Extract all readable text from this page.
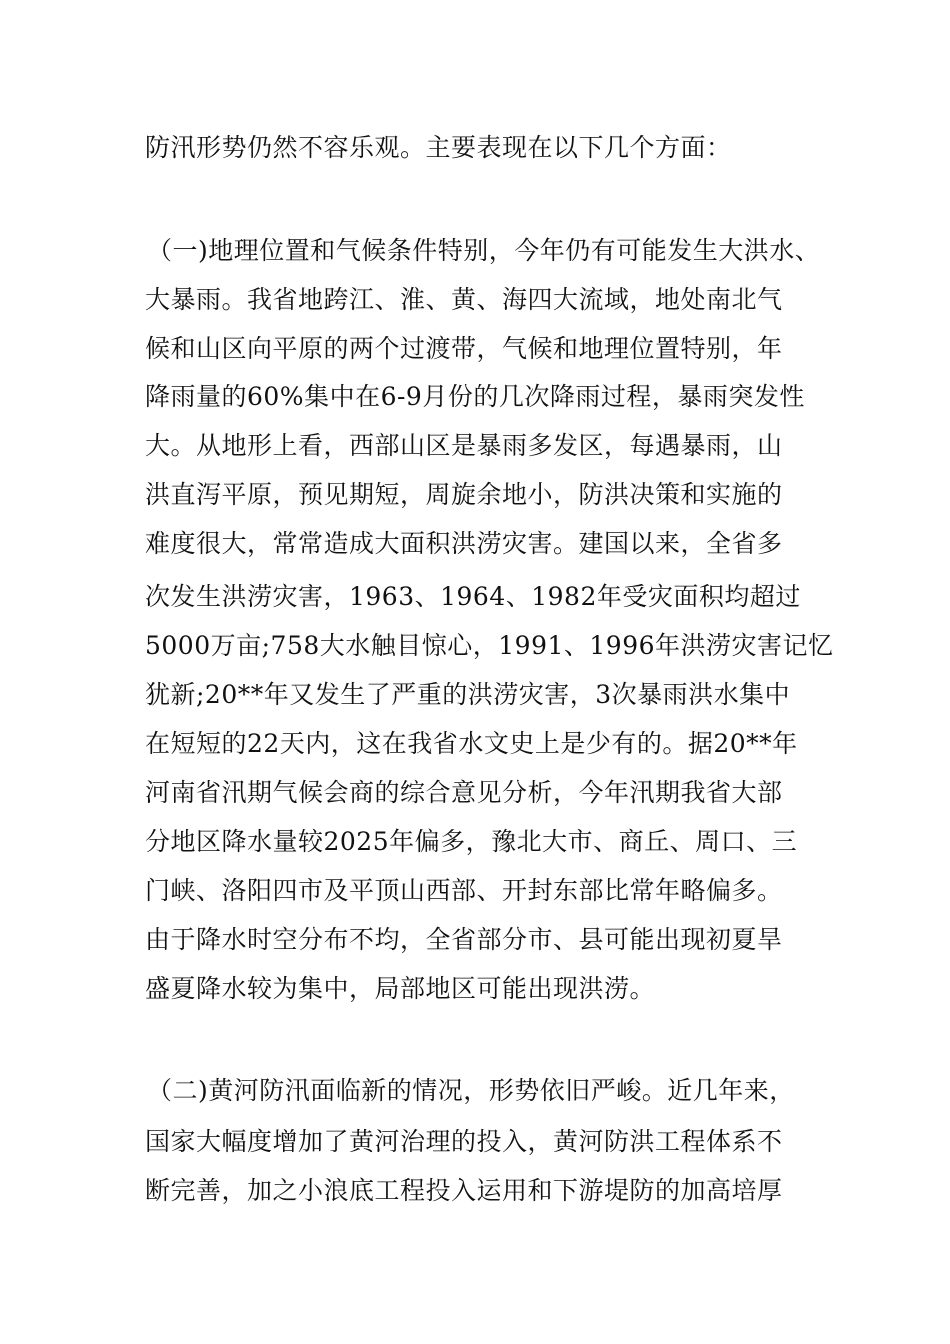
防汛形势仍然不容乐观。主要表现在以下几个方面：
（一)地理位置和气候条件特别，今年仍有可能发生大洪水、
大暴雨。我省地跨江、淮、黄、海四大流域，地处南北气
候和山区向平原的两个过渡带，气候和地理位置特别，年
降雨量的60%集中在6-9月份的几次降雨过程，暴雨突发性
大。从地形上看，西部山区是暴雨多发区，每遇暴雨，山
洪直泻平原，预见期短，周旋余地小，防洪决策和实施的
难度很大，常常造成大面积洪涝灾害。建国以来，全省多
次发生洪涝灾害，1963、1964、1982年受灾面积均超过
5000万亩;758大水触目惊心，1991、1996年洪涝灾害记忆
犹新;20**年又发生了严重的洪涝灾害，3次暴雨洪水集中
在短短的22天内，这在我省水文史上是少有的。据20**年
河南省汛期气候会商的综合意见分析，今年汛期我省大部
分地区降水量较2025年偏多，豫北大市、商丘、周口、三
门峡、洛阳四市及平顶山西部、开封东部比常年略偏多。
由于降水时空分布不均，全省部分市、县可能出现初夏旱
盛夏降水较为集中，局部地区可能出现洪涝。
（二)黄河防汛面临新的情况，形势依旧严峻。近几年来，
国家大幅度增加了黄河治理的投入，黄河防洪工程体系不
断完善，加之小浪底工程投入运用和下游堤防的加高培厚
